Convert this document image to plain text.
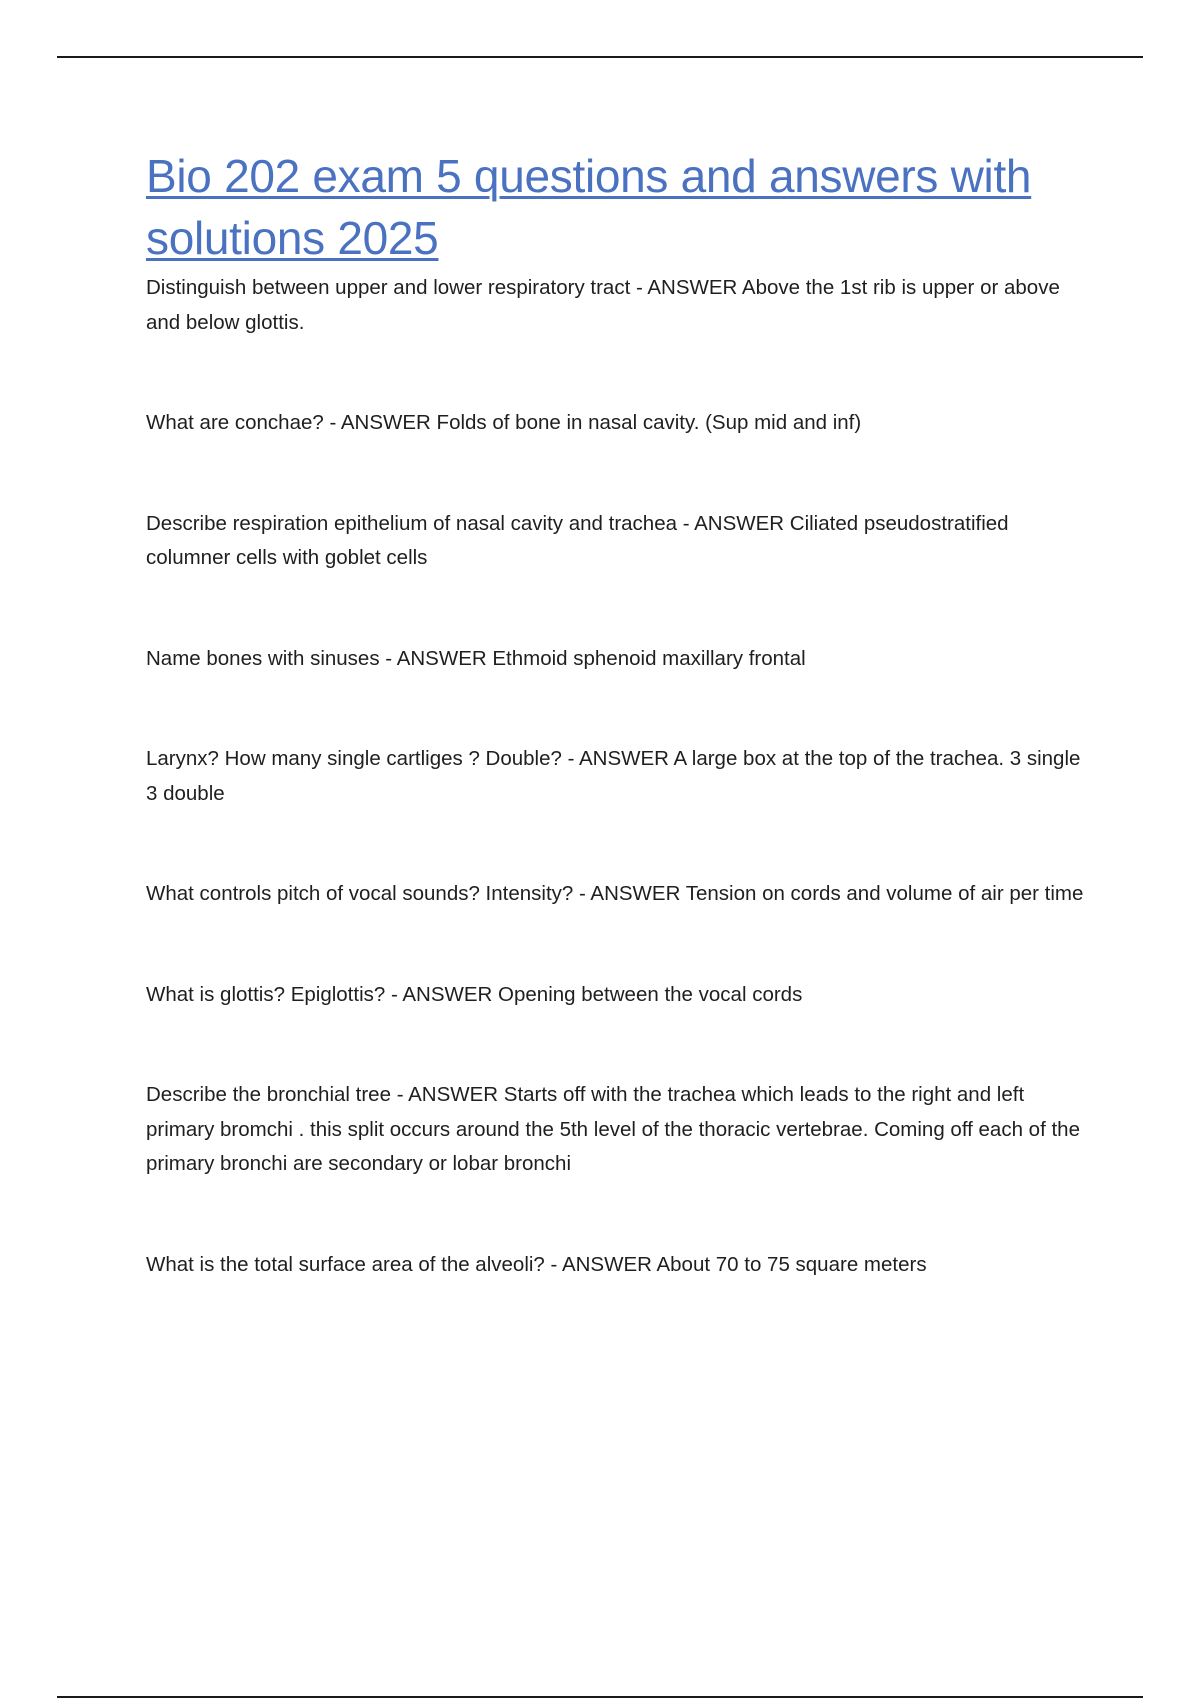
Bio 202 exam 5 questions and answers with solutions 2025
Distinguish between upper and lower respiratory tract - ANSWER Above the 1st rib is upper or above and below glottis.
What are conchae? - ANSWER Folds of bone in nasal cavity. (Sup mid and inf)
Describe respiration epithelium of nasal cavity and trachea - ANSWER Ciliated pseudostratified columner cells with goblet cells
Name bones with sinuses - ANSWER Ethmoid sphenoid maxillary frontal
Larynx? How many single cartliges ? Double? - ANSWER A large box at the top of the trachea. 3 single 3 double
What controls pitch of vocal sounds? Intensity? - ANSWER Tension on cords and volume of air per time
What is glottis? Epiglottis? - ANSWER Opening between the vocal cords
Describe the bronchial tree - ANSWER Starts off with the trachea which leads to the right and left primary bromchi . this split occurs around the 5th level of the thoracic vertebrae. Coming off each of the primary bronchi are secondary or lobar bronchi
What is the total surface area of the alveoli? - ANSWER About 70 to 75 square meters
